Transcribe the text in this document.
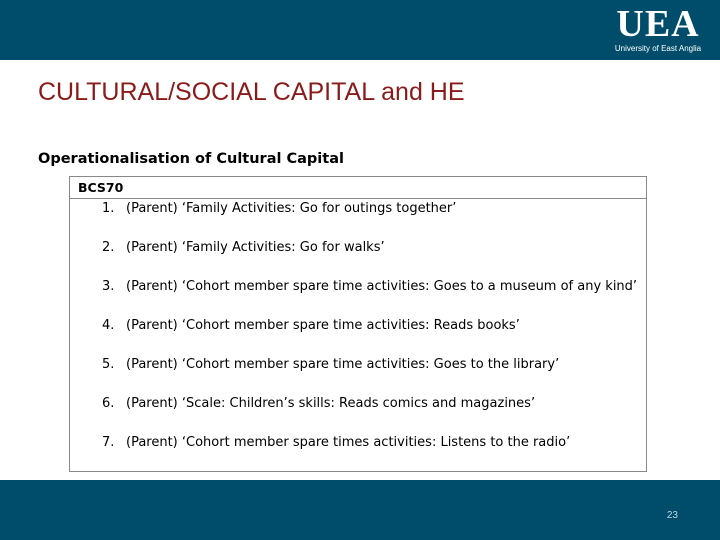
UEA
University of East Anglia
CULTURAL/SOCIAL CAPITAL and HE
Operationalisation of Cultural Capital
BCS70
1. (Parent) ‘Family Activities: Go for outings together’
2. (Parent) ‘Family Activities: Go for walks’
3. (Parent) ‘Cohort member spare time activities: Goes to a museum of any kind’
4. (Parent) ‘Cohort member spare time activities: Reads books’
5. (Parent) ‘Cohort member spare time activities: Goes to the library’
6. (Parent) ‘Scale: Children’s skills: Reads comics and magazines’
7. (Parent) ‘Cohort member spare times activities: Listens to the radio’
23
